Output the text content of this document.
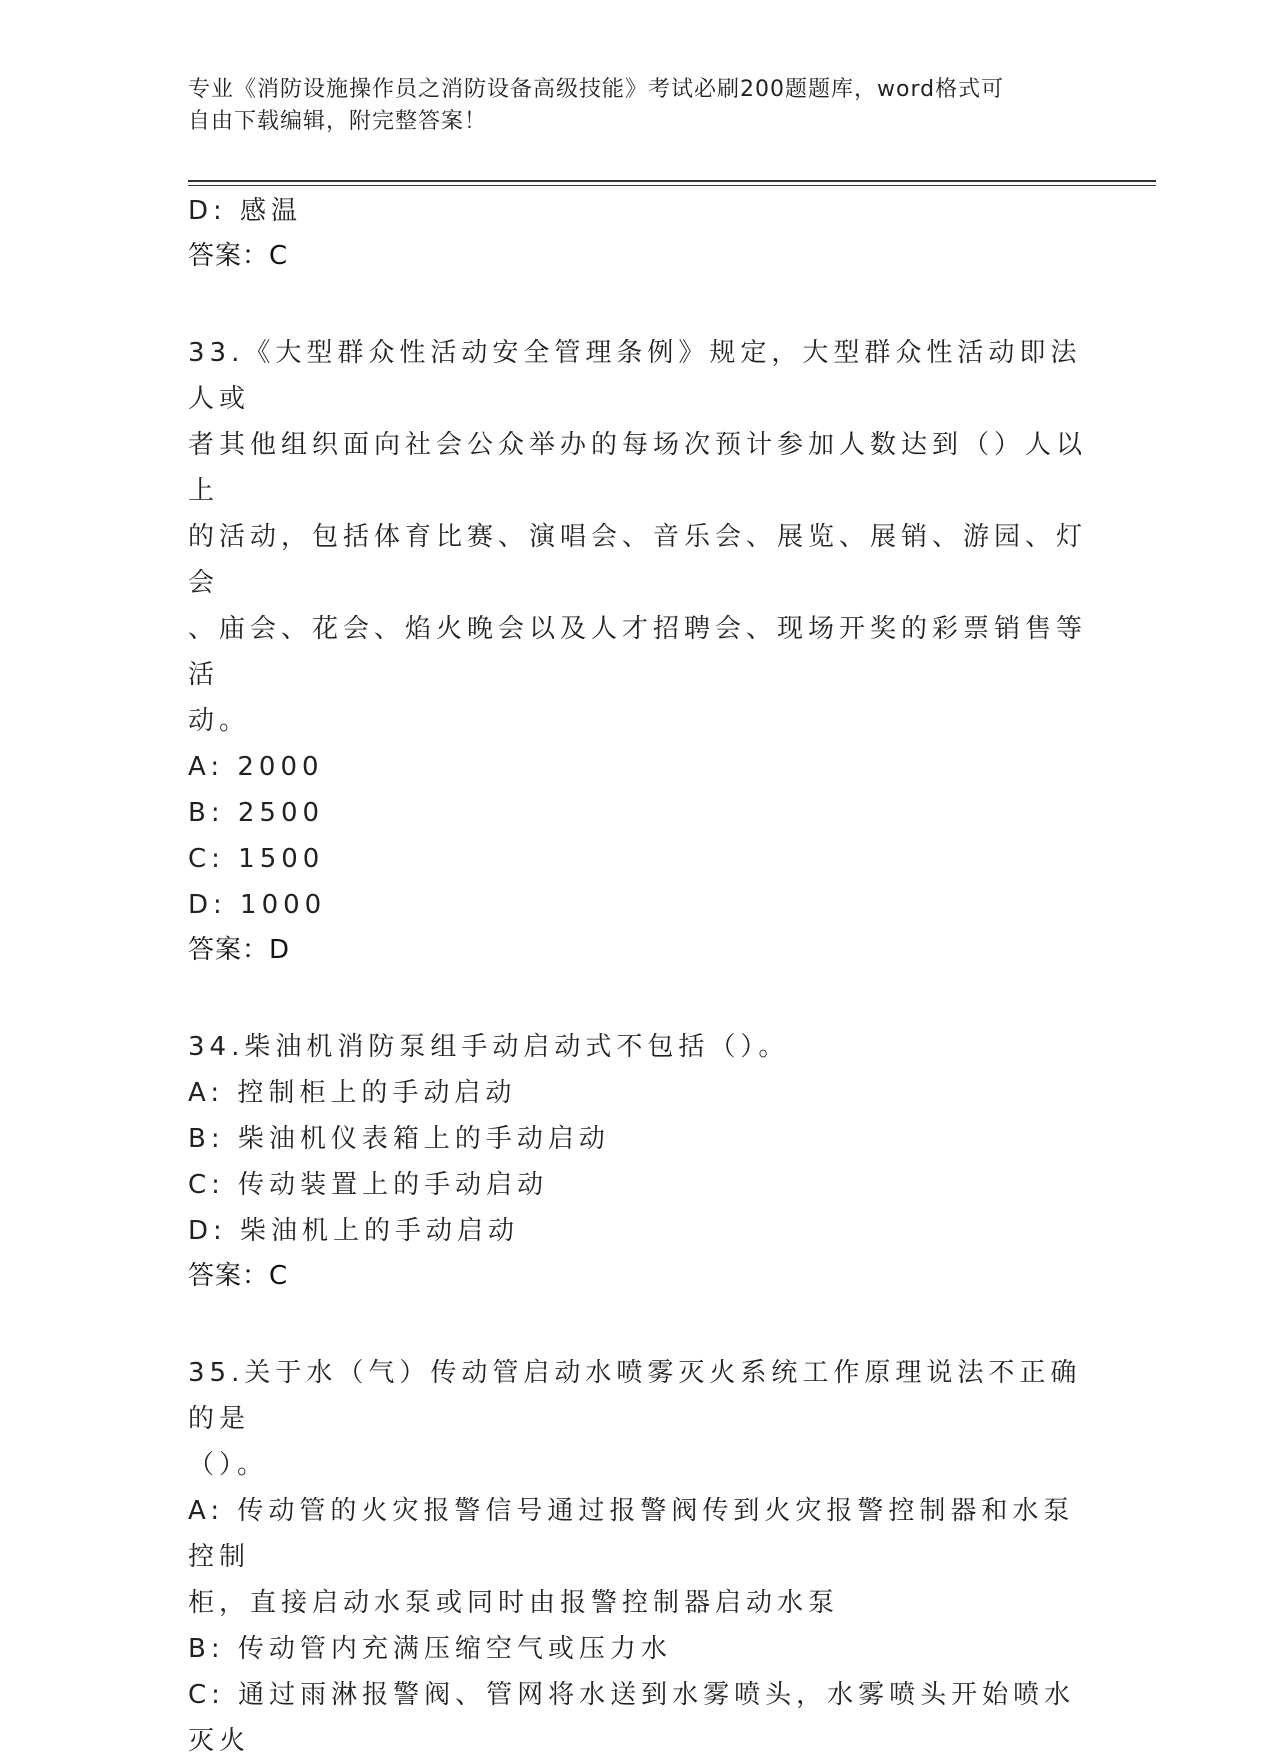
专业《消防设施操作员之消防设备高级技能》考试必刷200题题库，word格式可
自由下载编辑，附完整答案！

D: 感温

答案：C

33.《大型群众性活动安全管理条例》规定，大型群众性活动即法人或

者其他组织面向社会公众举办的每场次预计参加人数达到（）人以上

的活动，包括体育比赛、演唱会、音乐会、展览、展销、游园、灯会

、庙会、花会、焰火晚会以及人才招聘会、现场开奖的彩票销售等活

动。

A: 2000

B: 2500

C: 1500

D: 1000

答案：D

34.柴油机消防泵组手动启动式不包括（）。

A: 控制柜上的手动启动

B: 柴油机仪表箱上的手动启动

C: 传动装置上的手动启动

D: 柴油机上的手动启动

答案：C

35.关于水（气）传动管启动水喷雾灭火系统工作原理说法不正确的是

（）。

A: 传动管的火灾报警信号通过报警阀传到火灾报警控制器和水泵控制

柜，直接启动水泵或同时由报警控制器启动水泵

B: 传动管内充满压缩空气或压力水

C: 通过雨淋报警阀、管网将水送到水雾喷头，水雾喷头开始喷水灭火
